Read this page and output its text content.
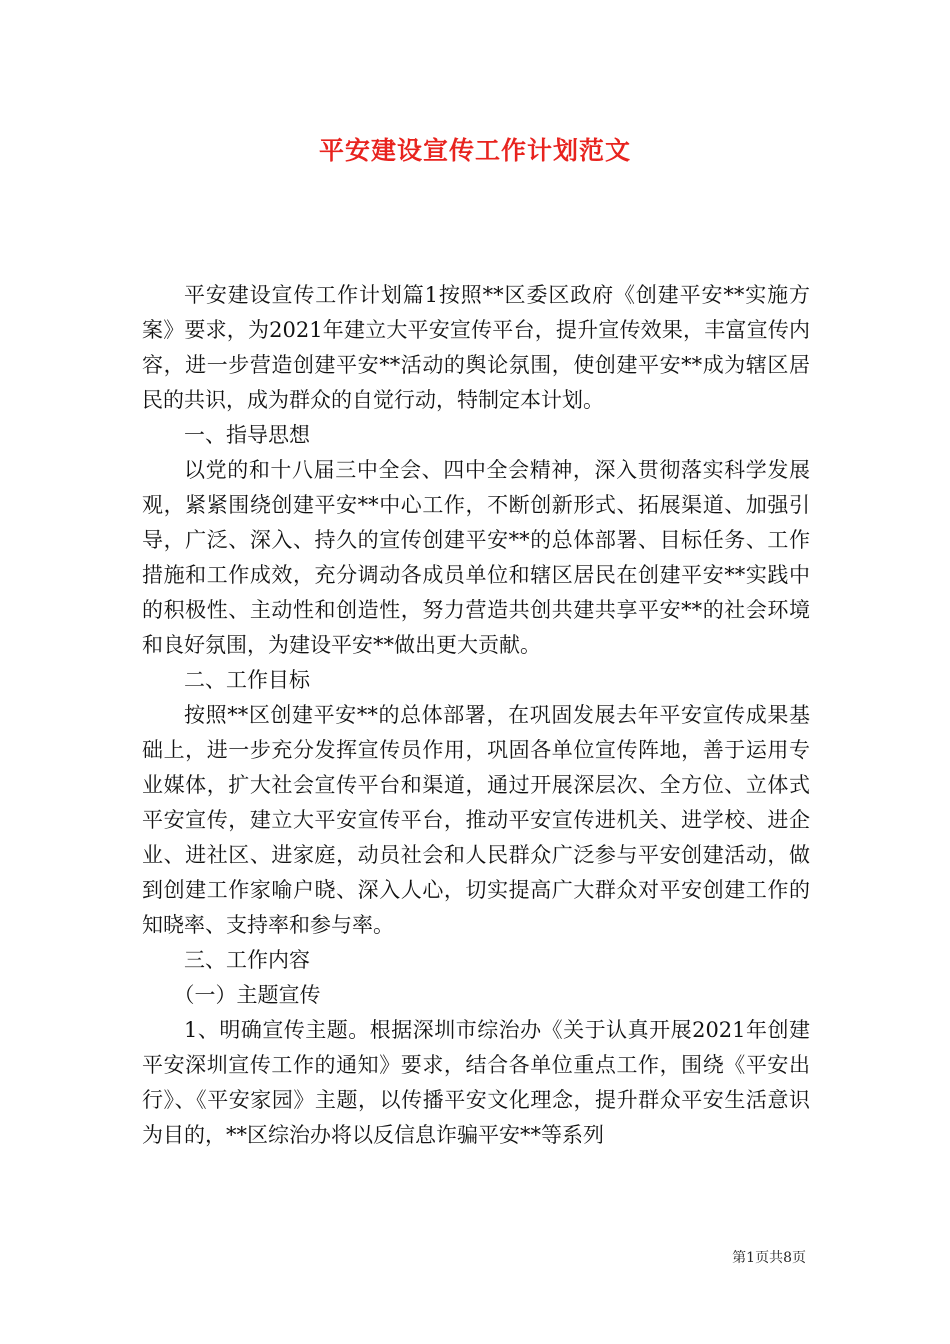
平安建设宣传工作计划范文

平安建设宣传工作计划篇1按照**区委区政府《创建平安**实施方案》要求，为2021年建立大平安宣传平台，提升宣传效果，丰富宣传内容，进一步营造创建平安**活动的舆论氛围，使创建平安**成为辖区居民的共识，成为群众的自觉行动，特制定本计划。

一、指导思想

以党的和十八届三中全会、四中全会精神，深入贯彻落实科学发展观，紧紧围绕创建平安**中心工作，不断创新形式、拓展渠道、加强引导，广泛、深入、持久的宣传创建平安**的总体部署、目标任务、工作措施和工作成效，充分调动各成员单位和辖区居民在创建平安**实践中的积极性、主动性和创造性，努力营造共创共建共享平安**的社会环境和良好氛围，为建设平安**做出更大贡献。

二、工作目标

按照**区创建平安**的总体部署，在巩固发展去年平安宣传成果基础上，进一步充分发挥宣传员作用，巩固各单位宣传阵地，善于运用专业媒体，扩大社会宣传平台和渠道，通过开展深层次、全方位、立体式平安宣传，建立大平安宣传平台，推动平安宣传进机关、进学校、进企业、进社区、进家庭，动员社会和人民群众广泛参与平安创建活动，做到创建工作家喻户晓、深入人心，切实提高广大群众对平安创建工作的知晓率、支持率和参与率。

三、工作内容

（一）主题宣传

1、明确宣传主题。根据深圳市综治办《关于认真开展2021年创建平安深圳宣传工作的通知》要求，结合各单位重点工作，围绕《平安出行》、《平安家园》主题，以传播平安文化理念，提升群众平安生活意识为目的，**区综治办将以反信息诈骗平安**等系列

第1页共8页
